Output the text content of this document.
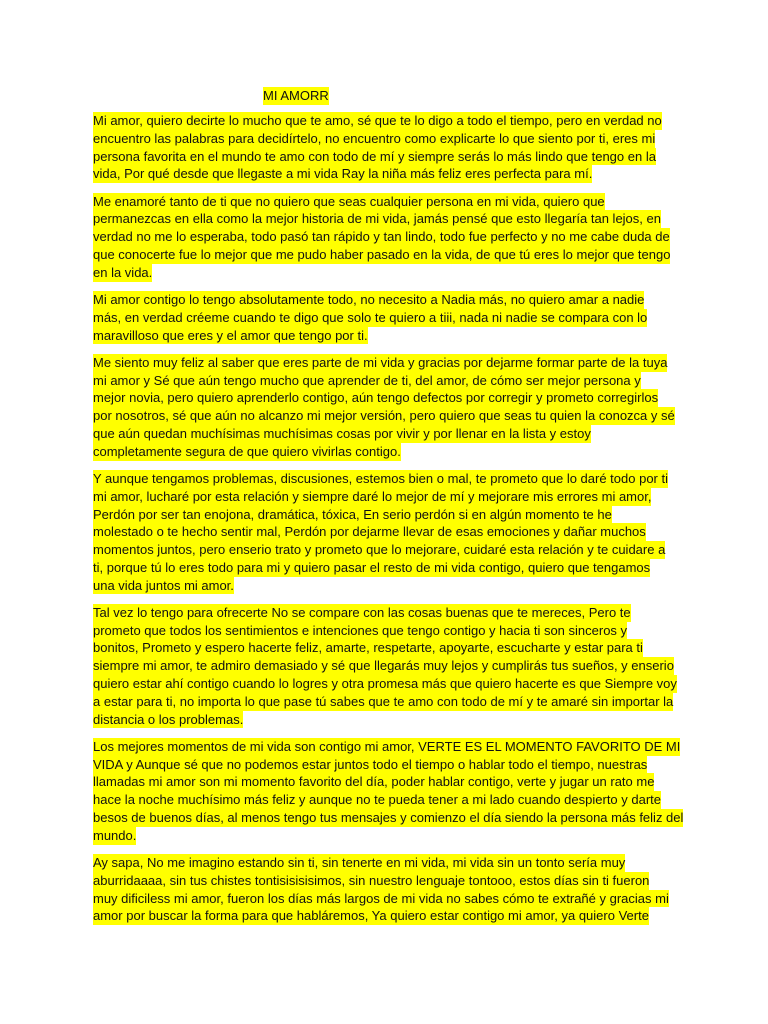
MI AMORR
Mi amor, quiero decirte lo mucho que te amo, sé que te lo digo a todo el tiempo, pero en verdad no
encuentro las palabras para decidírtelo, no encuentro como explicarte lo que siento por ti, eres mi
persona favorita en el mundo te amo con todo de mí y siempre serás lo más lindo que tengo en la
vida, Por qué desde que llegaste a mi vida Ray la niña más feliz eres perfecta para mí.
Me enamoré tanto de ti que no quiero que seas cualquier persona en mi vida, quiero que
permanezcas en ella como la mejor historia de mi vida, jamás pensé que esto llegaría tan lejos, en
verdad no me lo esperaba, todo pasó tan rápido y tan lindo, todo fue perfecto y no me cabe duda de
que conocerte fue lo mejor que me pudo haber pasado en la vida, de que tú eres lo mejor que tengo
en la vida.
Mi amor contigo lo tengo absolutamente todo, no necesito a Nadia más, no quiero amar a nadie
más, en verdad créeme cuando te digo que solo te quiero a tiii, nada ni nadie se compara con lo
maravilloso que eres y el amor que tengo por ti.
Me siento muy feliz al saber que eres parte de mi vida y gracias por dejarme formar parte de la tuya
mi amor y Sé que aún tengo mucho que aprender de ti, del amor, de cómo ser mejor persona y
mejor novia, pero quiero aprenderlo contigo, aún tengo defectos por corregir y prometo corregirlos
por nosotros, sé que aún no alcanzo mi mejor versión, pero quiero que seas tu quien la conozca y sé
que aún quedan muchísimas muchísimas cosas por vivir y por llenar en la lista y estoy
completamente segura de que quiero vivirlas contigo.
Y aunque tengamos problemas, discusiones, estemos bien o mal, te prometo que lo daré todo por ti
mi amor, lucharé por esta relación y siempre daré lo mejor de mí y mejorare mis errores mi amor,
Perdón por ser tan enojona, dramática, tóxica, En serio perdón si en algún momento te he
molestado o te hecho sentir mal, Perdón por dejarme llevar de esas emociones y dañar muchos
momentos juntos, pero enserio trato y prometo que lo mejorare, cuidaré esta relación y te cuidare a
ti, porque tú lo eres todo para mi y quiero pasar el resto de mi vida contigo, quiero que tengamos
una vida juntos mi amor.
Tal vez lo tengo para ofrecerte No se compare con las cosas buenas que te mereces, Pero te
prometo que todos los sentimientos e intenciones que tengo contigo y hacia ti son sinceros y
bonitos, Prometo y espero hacerte feliz, amarte, respetarte, apoyarte, escucharte y estar para ti
siempre mi amor, te admiro demasiado y sé que llegarás muy lejos y cumplirás tus sueños, y enserio
quiero estar ahí contigo cuando lo logres y otra promesa más que quiero hacerte es que Siempre voy
a estar para ti, no importa lo que pase tú sabes que te amo con todo de mí y te amaré sin importar la
distancia o los problemas.
Los mejores momentos de mi vida son contigo mi amor, VERTE ES EL MOMENTO FAVORITO DE MI
VIDA y Aunque sé que no podemos estar juntos todo el tiempo o hablar todo el tiempo, nuestras
llamadas mi amor son mi momento favorito del día, poder hablar contigo, verte y jugar un rato me
hace la noche muchísimo más feliz y aunque no te pueda tener a mi lado cuando despierto y darte
besos de buenos días, al menos tengo tus mensajes y comienzo el día siendo la persona más feliz del
mundo.
Ay sapa, No me imagino estando sin ti, sin tenerte en mi vida, mi vida sin un tonto sería muy
aburridaaaa, sin tus chistes tontisisisisimos, sin nuestro lenguaje tontooo, estos días sin ti fueron
muy dificiless mi amor, fueron los días más largos de mi vida no sabes cómo te extrañé y gracias mi
amor por buscar la forma para que habláremos, Ya quiero estar contigo mi amor, ya quiero Verte
